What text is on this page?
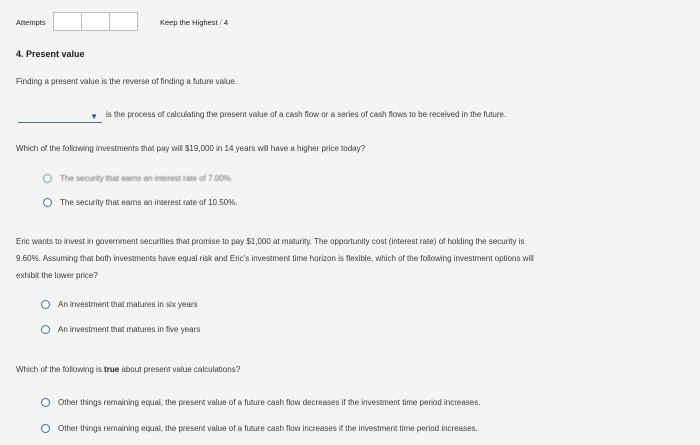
Attempts	Keep the Highest / 4
4. Present value
Finding a present value is the reverse of finding a future value.
▼ is the process of calculating the present value of a cash flow or a series of cash flows to be received in the future.
Which of the following investments that pay will $19,000 in 14 years will have a higher price today?
The security that earns an interest rate of 7.00%.
The security that earns an interest rate of 10.50%.
Eric wants to invest in government securities that promise to pay $1,000 at maturity. The opportunity cost (interest rate) of holding the security is
9.60%. Assuming that both investments have equal risk and Eric's investment time horizon is flexible, which of the following investment options will
exhibit the lower price?
An investment that matures in six years
An investment that matures in five years
Which of the following is true about present value calculations?
Other things remaining equal, the present value of a future cash flow decreases if the investment time period increases.
Other things remaining equal, the present value of a future cash flow increases if the investment time period increases.
